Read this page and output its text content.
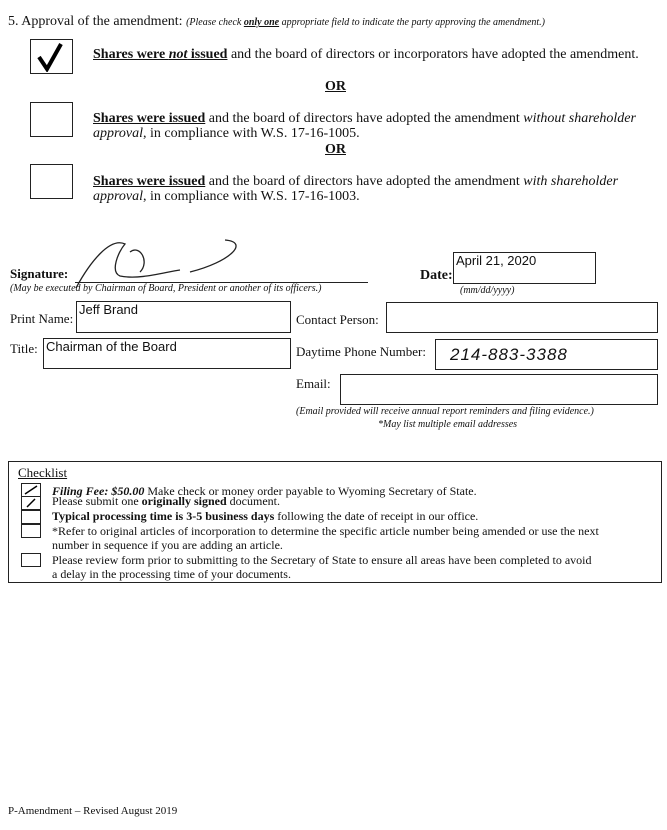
5. Approval of the amendment: (Please check only one appropriate field to indicate the party approving the amendment.)
Shares were not issued and the board of directors or incorporators have adopted the amendment.
OR
Shares were issued and the board of directors have adopted the amendment without shareholder
approval, in compliance with W.S. 17-16-1005.
OR
Shares were issued and the board of directors have adopted the amendment with shareholder
approval, in compliance with W.S. 17-16-1003.
Signature:
(May be executed by Chairman of Board, President or another of its officers.)
Date:
April 21, 2020
(mm/dd/yyyy)
Print Name:
Jeff Brand
Contact Person:
Title: Chairman of the Board	Daytime Phone Number: 214-883-3388
Email:
(Email provided will receive annual report reminders and filing evidence.)
*May list multiple email addresses
Checklist
Filing Fee: $50.00 Make check or money order payable to Wyoming Secretary of State.
Please submit one originally signed document.
Typical processing time is 3-5 business days following the date of receipt in our office.
*Refer to original articles of incorporation to determine the specific article number being amended or use the next
number in sequence if you are adding an article.
Please review form prior to submitting to the Secretary of State to ensure all areas have been completed to avoid
a delay in the processing time of your documents.
P-Amendment – Revised August 2019
